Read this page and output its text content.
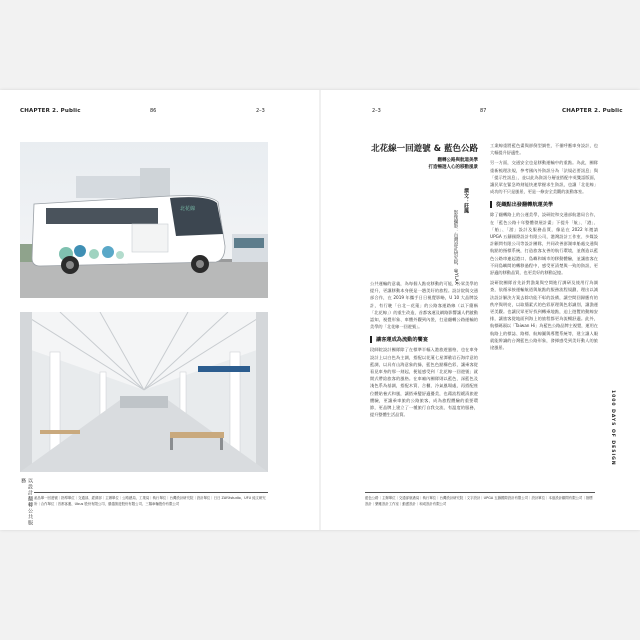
CHAPTER 2. Public	86	2–3
北花線
以設計翻轉公共服務
2–3	87	CHAPTER 2. Public
北花線一回遊號 & 藍色公路
翻轉公路與航道美學
打造暢遊人心的移動風景
撰文：莊鳳
影像攝影：台灣設計研究院、@YLAA
公共運輸的意義，為每個人點亮移動的可能，公眾美學的提升，更讓移動本身便是一趟美好的旅程。設計院與交通部合作，在 2019 年攜手日日視覺影略，U 10 大品牌設計，有行駛「台北－花蓮」的公路客運路線（以下簡稱「北花線」）的重生改造，首都客運及網路影響讓人們啟動認知，視覺形象、車體外觀到內裝，打造翻轉公路運輸的美學的「北花線一回遊號」。
讓客運成為流動的饗宴
段師院設計團隊除了在標準半幅入港旅遊風格，也在車身設計上以白色為主調，搭配以花蓮七星潭礁岩石海岸意的藍調，以具有山海意象的綠，藍色色點構色彩，讓乘客從看見車身的那一刻起，便能感受到「北花線一回遊號」就開式帶給旅客的風格。在車廂內團隊則以藍色、深藍色及淺色系為基調，搭配木質、合櫃、冷氣風場處，再搭配座位體貼養式和風，讓搭乘變舒適優美，也藉流程緩清旅遊體驗，更讓乘車旅的公路旅客，成為旅程體驗的重要環節，更品牌上建立了一種旅行自我交流、有溫度的服務，提升整體生活品質。
工業線重將藍色畫與卻倒型調性，不僅呼應車身設計，也大幅提升舒適性。
另一方面，交通安全也是移動運輸中的重點。為此，團隊重新梳理法規，參考國內外資訊分為「法規必要訊息」與「提示性訊息」，並以此為資訊分層並搭配中英雙語版面，讓民眾在緊急時刻能快速掌握求生資訊，也讓「北花線」成功的不只是風景，更是一條安全美觀的流動客室。
從織點出發翻轉航運美學
除了翻轉路上的公運美學，設研院和交通部航港局合作，在「藍色公路十年整體發展計畫」下提升「航」、「港」、「船」、「游」設計及服務品質，像是在 2022 年邀請 UPGA 五鑄國際設計有限公司，港灣設計工作室、多媒設計顧問有限公司等設計團隊，共同改善澎湖車船處交通與航點的指標系統，打造旅客友善的航行環境，並創造以藍色公路串連起港口、島嶼和城市的移動體驗，並讓旅客在不同島嶼間的轉移過程中，感受更清楚與一致的資訊，更舒適的移動品質，也更美好的移動記憶。
設研院團隊首先針對漁業與空間進行調研及使用行為調查，依循承接運輸航道與航點的服務流程規劃，理出以減法設計解決方案去除功能不彰的設備，讓空間回歸應有的秩序與明亮，以取簡素式的色彩原理與色彩識別，讓漁運更美觀。也讓民眾更好找到轉乘地點，迫上遊覽的動線安排，讓旅客從地面到海上的旅程都更為流暢舒適。此外，航標碼頭以「Taiwan Hi」為藍色公路品牌主視覺，運用在航路上的標誌、路標、航線圖與導覽系統等，建立讓人眼就能辨識的台灣藍色公路形象，發揮感受到美好動人的旅途風景。
1000 DAYS OF DESIGN
產品單一回遊號｜指導單位｜交通部、經濟部｜主辦單位｜公路總局、工業局｜執行單位｜台灣設計研究院｜設計單位｜日日 ZAYXstudio、UFU 純文研究所｜合作單位｜首都客運、Ubus 股份有限公司、優越旅遊股份有限公司、三陽車輛股份有限公司
藍色公路｜主辦單位｜交通部航港局｜執行單位｜台灣設計研究院｜文字設計｜UPGA 五鑄國際設計有限公司｜設計單位｜本風設計顧問有限公司｜指標設計｜樂雅設計工作室｜動畫設計｜和成設計有限公司
